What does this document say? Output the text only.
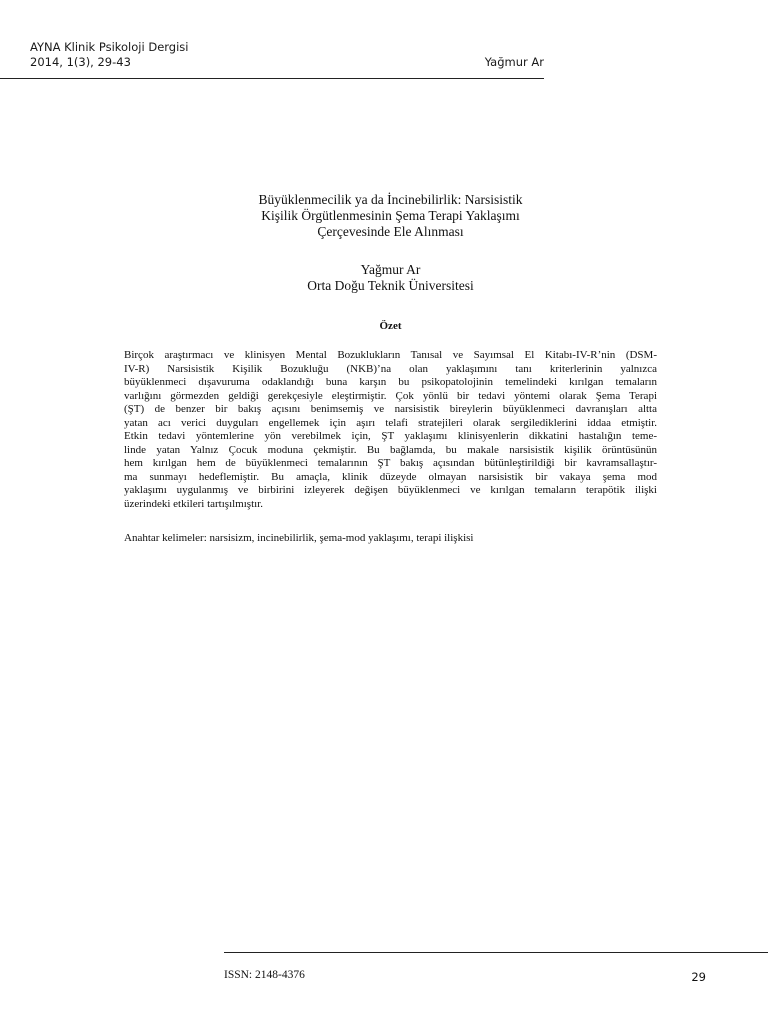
AYNA Klinik Psikoloji Dergisi
2014, 1(3), 29-43	Yağmur Ar
Büyüklenmecilik ya da İncinebilirlik: Narsisistik
Kişilik Örgütlenmesinin Şema Terapi Yaklaşımı
Çerçevesinde Ele Alınması
Yağmur Ar
Orta Doğu Teknik Üniversitesi
Özet
Birçok araştırmacı ve klinisyen Mental Bozuklukların Tanısal ve Sayımsal El Kitabı-IV-R’nin (DSM-
IV-R) Narsisistik Kişilik Bozukluğu (NKB)’na olan yaklaşımını tanı kriterlerinin yalnızca
büyüklenmeci dışavuruma odaklandığı buna karşın bu psikopatolojinin temelindeki kırılgan temaların
varlığını görmezden geldiği gerekçesiyle eleştirmiştir. Çok yönlü bir tedavi yöntemi olarak Şema Terapi
(ŞT) de benzer bir bakış açısını benimsemiş ve narsisistik bireylerin büyüklenmeci davranışları altta
yatan acı verici duyguları engellemek için aşırı telafi stratejileri olarak sergilediklerini iddaa etmiştir.
Etkin tedavi yöntemlerine yön verebilmek için, ŞT yaklaşımı klinisyenlerin dikkatini hastalığın teme-
linde yatan Yalnız Çocuk moduna çekmiştir. Bu bağlamda, bu makale narsisistik kişilik örüntüsünün
hem kırılgan hem de büyüklenmeci temalarının ŞT bakış açısından bütünleştirildiği bir kavramsallaştır-
ma sunmayı hedeflemiştir. Bu amaçla, klinik düzeyde olmayan narsisistik bir vakaya şema mod
yaklaşımı uygulanmış ve birbirini izleyerek değişen büyüklenmeci ve kırılgan temaların terapötik ilişki
üzerindeki etkileri tartışılmıştır.
Anahtar kelimeler: narsisizm, incinebilirlik, şema-mod yaklaşımı, terapi ilişkisi
ISSN: 2148-4376	29
